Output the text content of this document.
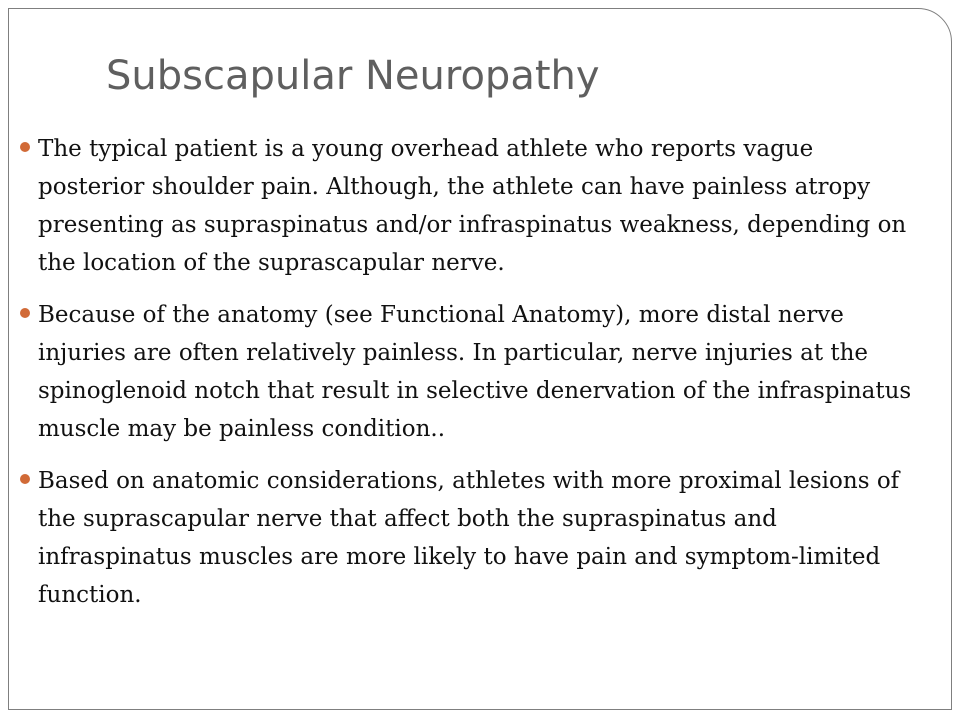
Subscapular Neuropathy
The typical patient is a young overhead athlete who reports vague posterior shoulder pain. Although, the athlete can have painless atropy presenting as supraspinatus and/or infraspinatus weakness, depending on the location of the suprascapular nerve.
Because of the anatomy (see Functional Anatomy), more distal nerve injuries are often relatively painless. In particular, nerve injuries at the spinoglenoid notch that result in selective denervation of the infraspinatus muscle may be painless condition..
Based on anatomic considerations, athletes with more proximal lesions of the suprascapular nerve that affect both the supraspinatus and infraspinatus muscles are more likely to have pain and symptom-limited function.
